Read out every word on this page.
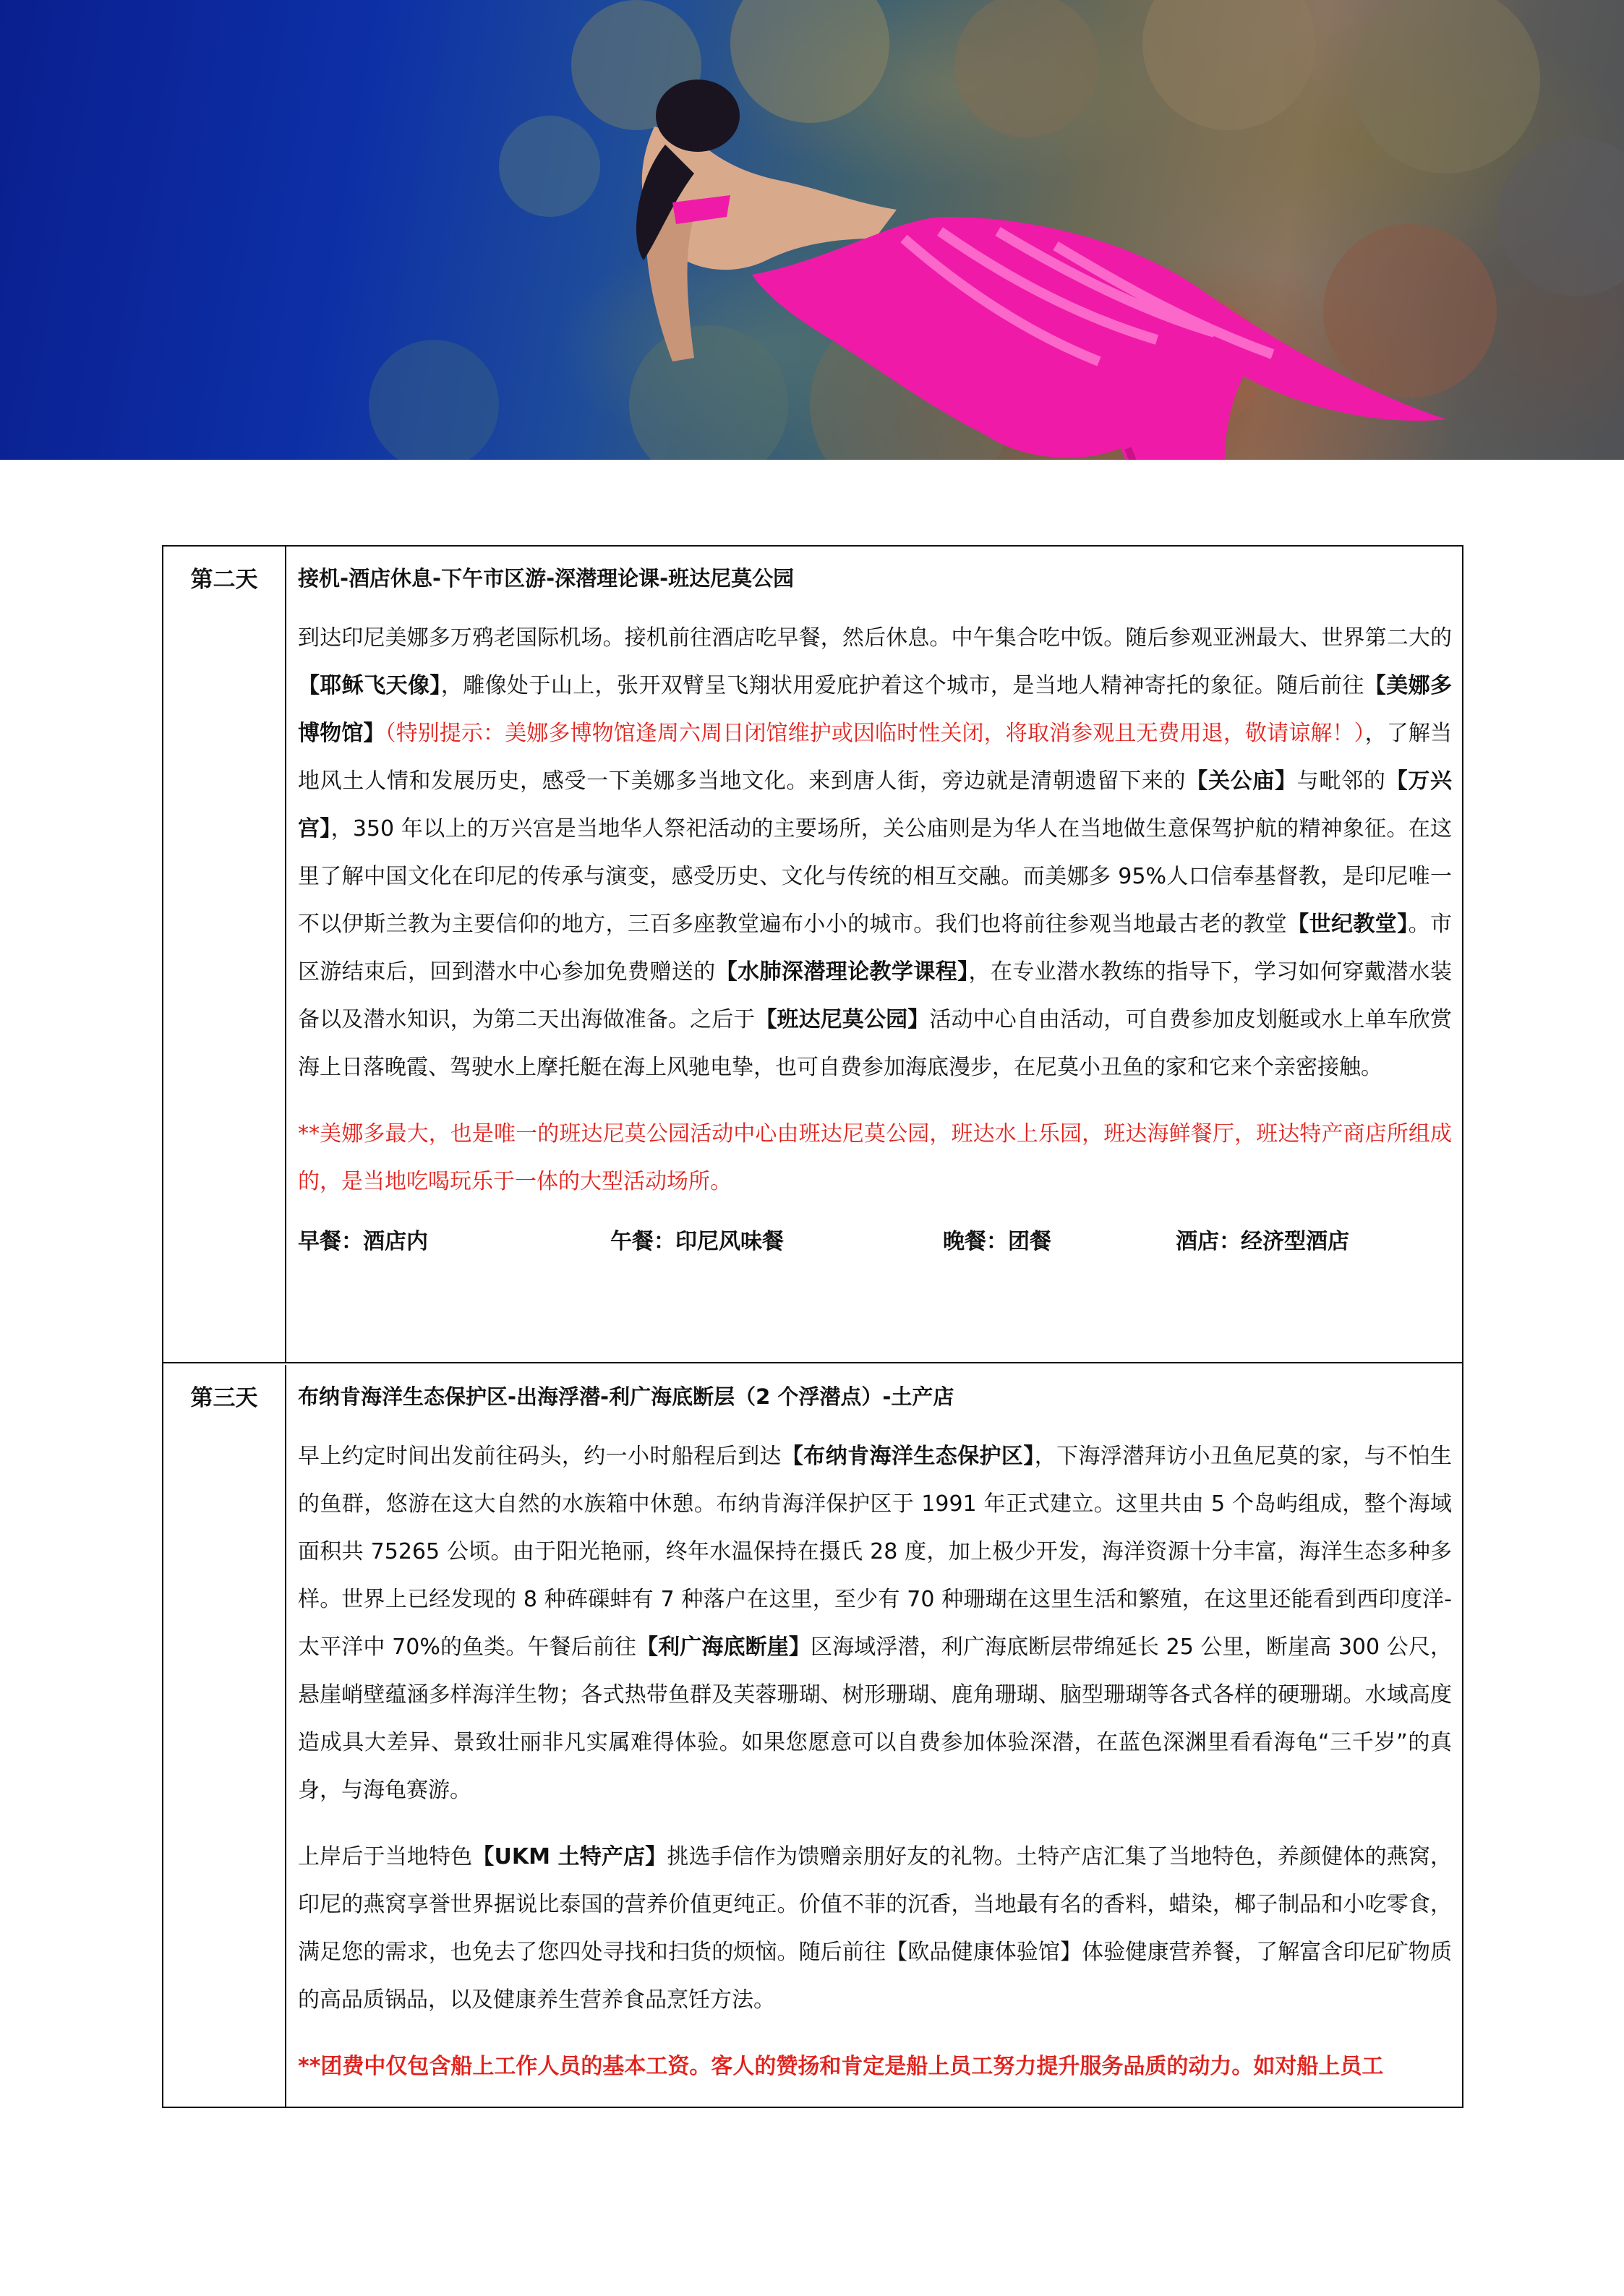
第二天	接机-酒店休息-下午市区游-深潜理论课-班达尼莫公园

到达印尼美娜多万鸦老国际机场。接机前往酒店吃早餐，然后休息。中午集合吃中饭。随后参观亚洲最大、世界第二大的【耶稣飞天像】，雕像处于山上，张开双臂呈飞翔状用爱庇护着这个城市，是当地人精神寄托的象征。随后前往【美娜多博物馆】（特别提示：美娜多博物馆逢周六周日闭馆维护或因临时性关闭，将取消参观且无费用退，敬请谅解！），了解当地风土人情和发展历史，感受一下美娜多当地文化。来到唐人街，旁边就是清朝遗留下来的【关公庙】与毗邻的【万兴宫】，350 年以上的万兴宫是当地华人祭祀活动的主要场所，关公庙则是为华人在当地做生意保驾护航的精神象征。在这里了解中国文化在印尼的传承与演变，感受历史、文化与传统的相互交融。而美娜多 95%人口信奉基督教，是印尼唯一不以伊斯兰教为主要信仰的地方，三百多座教堂遍布小小的城市。我们也将前往参观当地最古老的教堂【世纪教堂】。市区游结束后，回到潜水中心参加免费赠送的【水肺深潜理论教学课程】，在专业潜水教练的指导下，学习如何穿戴潜水装备以及潜水知识，为第二天出海做准备。之后于【班达尼莫公园】活动中心自由活动，可自费参加皮划艇或水上单车欣赏海上日落晚霞、驾驶水上摩托艇在海上风驰电挚，也可自费参加海底漫步，在尼莫小丑鱼的家和它来个亲密接触。

**美娜多最大，也是唯一的班达尼莫公园活动中心由班达尼莫公园，班达水上乐园，班达海鲜餐厅，班达特产商店所组成的，是当地吃喝玩乐于一体的大型活动场所。

早餐：酒店内	午餐：印尼风味餐	晚餐：团餐	酒店：经济型酒店
第三天	布纳肯海洋生态保护区-出海浮潜-利广海底断层（2 个浮潜点）-土产店

早上约定时间出发前往码头，约一小时船程后到达【布纳肯海洋生态保护区】，下海浮潜拜访小丑鱼尼莫的家，与不怕生的鱼群，悠游在这大自然的水族箱中休憩。布纳肯海洋保护区于 1991 年正式建立。这里共由 5 个岛屿组成，整个海域面积共 75265 公顷。由于阳光艳丽，终年水温保持在摄氏 28 度，加上极少开发，海洋资源十分丰富，海洋生态多种多样。世界上已经发现的 8 种砗磲蚌有 7 种落户在这里，至少有 70 种珊瑚在这里生活和繁殖，在这里还能看到西印度洋-太平洋中 70%的鱼类。午餐后前往【利广海底断崖】区海域浮潜，利广海底断层带绵延长 25 公里，断崖高 300 公尺，悬崖峭壁蕴涵多样海洋生物；各式热带鱼群及芙蓉珊瑚、树形珊瑚、鹿角珊瑚、脑型珊瑚等各式各样的硬珊瑚。水域高度造成具大差异、景致壮丽非凡实属难得体验。如果您愿意可以自费参加体验深潜，在蓝色深渊里看看海龟“三千岁”的真身，与海龟赛游。

上岸后于当地特色【UKM 土特产店】挑选手信作为馈赠亲朋好友的礼物。土特产店汇集了当地特色，养颜健体的燕窝，印尼的燕窝享誉世界据说比泰国的营养价值更纯正。价值不菲的沉香，当地最有名的香料，蜡染，椰子制品和小吃零食，满足您的需求，也免去了您四处寻找和扫货的烦恼。随后前往【欧品健康体验馆】体验健康营养餐，了解富含印尼矿物质的高品质锅品，以及健康养生营养食品烹饪方法。

**团费中仅包含船上工作人员的基本工资。客人的赞扬和肯定是船上员工努力提升服务品质的动力。如对船上员工
